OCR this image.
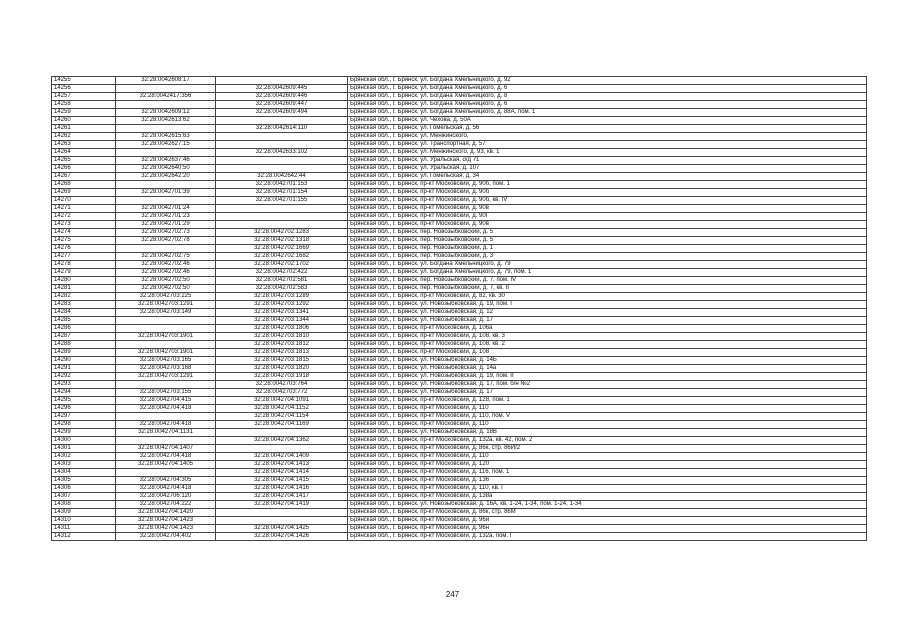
14255	32:28:0042608:17		Брянская обл., г. Брянск, ул. Богдана Хмельницкого, д. 92
14256		32:28:0042609:445	Брянская обл., г. Брянск, ул. Богдана Хмельницкого, д. 6
14257	32:28:0042417:356	32:28:0042609:446	Брянская обл., г. Брянск, ул. Богдана Хмельницкого, д. 8
14258		32:28:0042609:447	Брянская обл., г. Брянск, ул. Богдана Хмельницкого, д. 6
14259	32:28:0042609:12	32:28:0042609:494	Брянская обл., г. Брянск, ул. Богдана Хмельницкого, д. 88А, пом. 1
14260	32:28:0042613:62		Брянская обл., г. Брянск, ул. Чехова, д. 50А
14261		32:28:0042614:110	Брянская обл., г. Брянск, ул. Гомельская, д. 56
14262	32:28:0042615:63		Брянская обл., г. Брянск, ул. Менжинского,
14263	32:28:0042627:15		Брянская обл., г. Брянск, ул. Транспортная, д. 57
14264		32:28:0042633:102	Брянская обл., г. Брянск, ул. Менжинского, д. 93, кв. 1
14265	32:28:0042637:46		Брянская обл., г. Брянск, ул. Уральская, о/д 71
14266	32:28:0042640:50		Брянская обл., г. Брянск, ул. Уральская, д. 107
14267	32:28:0042642:20	32:28:0042642:44	Брянская обл., г. Брянск, ул. Гомельская, д. 34
14268		32:28:0042701:153	Брянская обл., г. Брянск, пр-кт Московский, д. 90б, пом. 1
14269	32:28:0042701:39	32:28:0042701:154	Брянская обл., г. Брянск, пр-кт Московский, д. 90б
14270		32:28:0042701:155	Брянская обл., г. Брянск, пр-кт Московский, д. 90б, кв. IV
14271	32:28:0042701:24		Брянская обл., г. Брянск, пр-кт Московский, д. 90в
14272	32:28:0042701:23		Брянская обл., г. Брянск, пр-кт Московский, д. 90Г
14273	32:28:0042701:29		Брянская обл., г. Брянск, пр-кт Московский, д. 90в
14274	32:28:0042702:73	32:28:0042702:1283	Брянская обл., г. Брянск, пер. Новозыбковский, д. 5
14275	32:28:0042702:78	32:28:0042702:1318	Брянская обл., г. Брянск, пер. Новозыбковский, д. 5
14276		32:28:0042702:1669	Брянская обл., г. Брянск, пер. Новозыбковский, д. 1
14277	32:28:0042702:75	32:28:0042702:1682	Брянская обл., г. Брянск, пер. Новозыбковский, д. 3
14278	32:28:0042702:46	32:28:0042702:1702	Брянская обл., г. Брянск, ул. Богдана Хмельницкого, д. 79
14279	32:28:0042702:46	32:28:0042702:422	Брянская обл., г. Брянск, ул. Богдана Хмельницкого, д. 79, пом. 1
14280	32:28:0042702:50	32:28:0042702:581	Брянская обл., г. Брянск, пер. Новозыбковский, д. 7, пом. IV
14281	32:28:0042702:50	32:28:0042702:583	Брянская обл., г. Брянск, пер. Новозыбковский, д. 7, кв. II
14282	32:28:0042703:225	32:28:0042703:1289	Брянская обл., г. Брянск, пр-кт Московский, д. 82, кв. 30
14283	32:28:0042703:1291	32:28:0042703:1292	Брянская обл., г. Брянск, ул. Новозыбковская, д. 19, пом. I
14284	32:28:0042703:149	32:28:0042703:1341	Брянская обл., г. Брянск, ул. Новозыбковская, д. 12
14285		32:28:0042703:1344	Брянская обл., г. Брянск, ул. Новозыбковская, д. 17
14286		32:28:0042703:1806	Брянская обл., г. Брянск, пр-кт Московский, д. 106а
14287	32:28:0042703:1901	32:28:0042703:1810	Брянская обл., г. Брянск, пр-кт Московский, д. 108, кв. 3
14288		32:28:0042703:1812	Брянская обл., г. Брянск, пр-кт Московский, д. 108, кв. 2
14289	32:28:0042703:1901	32:28:0042703:1813	Брянская обл., г. Брянск, пр-кт Московский, д. 108
14290	32:28:0042703:165	32:28:0042703:1815	Брянская обл., г. Брянск, ул. Новозыбковская, д. 14Б
14291	32:28:0042703:168	32:28:0042703:1820	Брянская обл., г. Брянск, ул. Новозыбковская, д. 14а
14292	32:28:0042703:1291	32:28:0042703:1918	Брянская обл., г. Брянск, ул. Новозыбковская, д. 19, пом. II
14293		32:28:0042703:764	Брянская обл., г. Брянск, ул. Новозыбковская, д. 17, пом. б/н №2
14294	32:28:0042703:155	32:28:0042703:772	Брянская обл., г. Брянск, ул. Новозыбковская, д. 17
14295	32:28:0042704:415	32:28:0042704:1091	Брянская обл., г. Брянск, пр-кт Московский, д. 128, пом. 1
14296	32:28:0042704:418	32:28:0042704:1152	Брянская обл., г. Брянск, пр-кт Московский, д. 110
14297		32:28:0042704:1154	Брянская обл., г. Брянск, пр-кт Московский, д. 110, пом. V
14298	32:28:0042704:418	32:28:0042704:1169	Брянская обл., г. Брянск, пр-кт Московский, д. 110
14299	32:28:0042704:1131		Брянская обл., г. Брянск, ул. Новозыбковская, д. 18В
14300		32:28:0042704:1362	Брянская обл., г. Брянск, пр-кт Московский, д. 132а, кв. 42, пом. 2
14301	32:28:0042704:1407		Брянская обл., г. Брянск, пр-кт Московский, д. 86к, стр. 86И/2
14302	32:28:0042704:418	32:28:0042704:1409	Брянская обл., г. Брянск, пр-кт Московский, д. 110
14303	32:28:0042704:1405	32:28:0042704:1413	Брянская обл., г. Брянск, пр-кт Московский, д. 120
14304		32:28:0042704:1414	Брянская обл., г. Брянск, пр-кт Московский, д. 116, пом. 1
14305	32:28:0042704:305	32:28:0042704:1415	Брянская обл., г. Брянск, пр-кт Московский, д. 136
14306	32:28:0042704:418	32:28:0042704:1416	Брянская обл., г. Брянск, пр-кт Московский, д. 110, кв. I
14307	32:28:0042706:120	32:28:0042704:1417	Брянская обл., г. Брянск, пр-кт Московский, д. 138а
14308	32:28:0042704:222	32:28:0042704:1419	Брянская обл., г. Брянск, ул. Новозыбковская, д. 16А, кв. 1-24, 1-34, пом. 1-24, 1-34
14309	32:28:0042704:1420		Брянская обл., г. Брянск, пр-кт Московский, д. 86к, стр. 86М
14310	32:28:0042704:1423		Брянская обл., г. Брянск, пр-кт Московский, д. 96и
14311	32:28:0042704:1423	32:28:0042704:1425	Брянская обл., г. Брянск, пр-кт Московский, д. 96н
14312	32:28:0042704:402	32:28:0042704:1426	Брянская обл., г. Брянск, пр-кт Московский, д. 132а, пом. I
247
